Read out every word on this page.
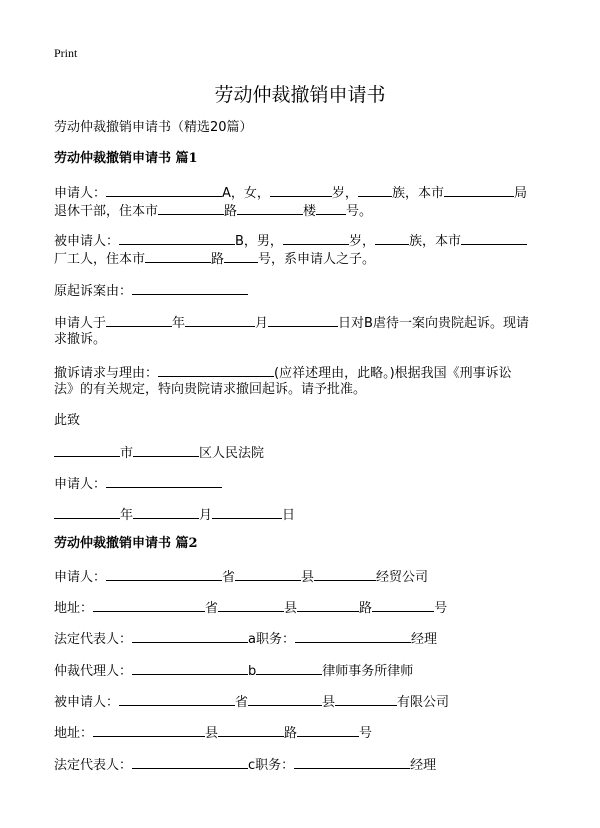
Print
劳动仲裁撤销申请书
劳动仲裁撤销申请书（精选20篇）
劳动仲裁撤销申请书 篇1
申请人：	A，女，	岁，	族，本市	局
退休干部，住本市	路	楼 号。
被申请人：	B，男，	岁，	族，本市
厂工人，住本市	路	号，系申请人之子。
原起诉案由：
申请人于	年	月	日对B虐待一案向贵院起诉。现请
求撤诉。
撤诉请求与理由：	(应祥述理由，此略。)根据我国《刑事诉讼
法》的有关规定，特向贵院请求撤回起诉。请予批准。
此致
市	区人民法院
申请人：
年	月	日
劳动仲裁撤销申请书 篇2
申请人：	省	县	经贸公司
地址：	省	县	路	号
法定代表人：	a职务：	经理
仲裁代理人：	b	律师事务所律师
被申请人：	省	县	有限公司
地址：	县	路	号
法定代表人：	c职务：	经理
